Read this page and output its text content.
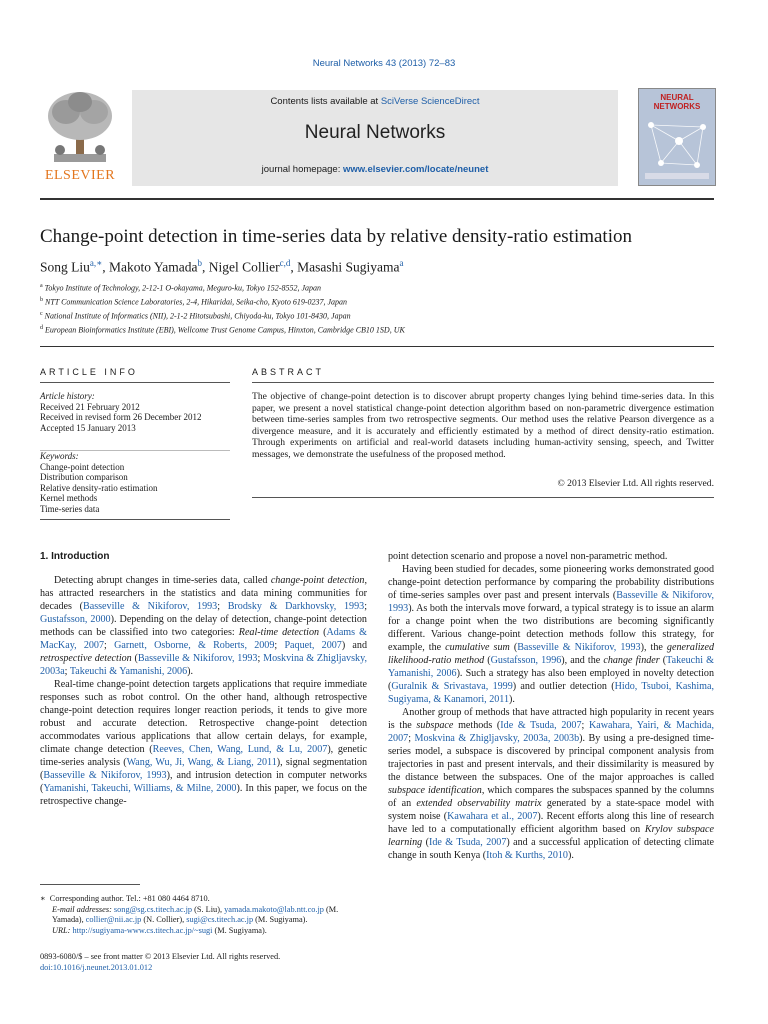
Neural Networks 43 (2013) 72–83
ELSEVIER
Contents lists available at SciVerse ScienceDirect
Neural Networks
journal homepage: www.elsevier.com/locate/neunet
NEURAL
NETWORKS
Change-point detection in time-series data by relative density-ratio estimation
Song Liu$^{a,∗}$, Makoto Yamada$^b$, Nigel Collier$^{c,d}$, Masashi Sugiyama$^a$
$^a$ Tokyo Institute of Technology, 2-12-1 O-okayama, Meguro-ku, Tokyo 152-8552, Japan
$^b$ NTT Communication Science Laboratories, 2-4, Hikaridai, Seika-cho, Kyoto 619-0237, Japan
$^c$ National Institute of Informatics (NII), 2-1-2 Hitotsubashi, Chiyoda-ku, Tokyo 101-8430, Japan
$^d$ European Bioinformatics Institute (EBI), Wellcome Trust Genome Campus, Hinxton, Cambridge CB10 1SD, UK
ARTICLE INFO
Article history:
Received 21 February 2012
Received in revised form 26 December 2012
Accepted 15 January 2013
Keywords:
Change-point detection
Distribution comparison
Relative density-ratio estimation
Kernel methods
Time-series data
ABSTRACT
The objective of change-point detection is to discover abrupt property changes lying behind time-series data. In this paper, we present a novel statistical change-point detection algorithm based on non-parametric divergence estimation between time-series samples from two retrospective segments. Our method uses the relative Pearson divergence as a divergence measure, and it is accurately and efficiently estimated by a method of direct density-ratio estimation. Through experiments on artificial and real-world datasets including human-activity sensing, speech, and Twitter messages, we demonstrate the usefulness of the proposed method.
© 2013 Elsevier Ltd. All rights reserved.
1. Introduction

Detecting abrupt changes in time-series data, called change-point detection, has attracted researchers in the statistics and data mining communities for decades (Basseville & Nikiforov, 1993; Brodsky & Darkhovsky, 1993; Gustafsson, 2000). Depending on the delay of detection, change-point detection methods can be classified into two categories: Real-time detection (Adams & MacKay, 2007; Garnett, Osborne, & Roberts, 2009; Paquet, 2007) and retrospective detection (Basseville & Nikiforov, 1993; Moskvina & Zhigljavsky, 2003a; Takeuchi & Yamanishi, 2006).

Real-time change-point detection targets applications that require immediate responses such as robot control. On the other hand, although retrospective change-point detection requires longer reaction periods, it tends to give more robust and accurate detection. Retrospective change-point detection accommodates various applications that allow certain delays, for example, climate change detection (Reeves, Chen, Wang, Lund, & Lu, 2007), genetic time-series analysis (Wang, Wu, Ji, Wang, & Liang, 2011), signal segmentation (Basseville & Nikiforov, 1993), and intrusion detection in computer networks (Yamanishi, Takeuchi, Williams, & Milne, 2000). In this paper, we focus on the retrospective change-

point detection scenario and propose a novel non-parametric method.

Having been studied for decades, some pioneering works demonstrated good change-point detection performance by comparing the probability distributions of time-series samples over past and present intervals (Basseville & Nikiforov, 1993). As both the intervals move forward, a typical strategy is to issue an alarm for a change point when the two distributions are becoming significantly different. Various change-point detection methods follow this strategy, for example, the cumulative sum (Basseville & Nikiforov, 1993), the generalized likelihood-ratio method (Gustafsson, 1996), and the change finder (Takeuchi & Yamanishi, 2006). Such a strategy has also been employed in novelty detection (Guralnik & Srivastava, 1999) and outlier detection (Hido, Tsuboi, Kashima, Sugiyama, & Kanamori, 2011).

Another group of methods that have attracted high popularity in recent years is the subspace methods (Ide & Tsuda, 2007; Kawahara, Yairi, & Machida, 2007; Moskvina & Zhigljavsky, 2003a, 2003b). By using a pre-designed time-series model, a subspace is discovered by principal component analysis from trajectories in past and present intervals, and their dissimilarity is measured by the distance between the subspaces. One of the major approaches is called subspace identification, which compares the subspaces spanned by the columns of an extended observability matrix generated by a state-space model with system noise (Kawahara et al., 2007). Recent efforts along this line of research have led to a computationally efficient algorithm based on Krylov subspace learning (Ide & Tsuda, 2007) and a successful application of detecting climate change in south Kenya (Itoh & Kurths, 2010).

∗ Corresponding author. Tel.: +81 080 4464 8710.
E-mail addresses: song@sg.cs.titech.ac.jp (S. Liu), yamada.makoto@lab.ntt.co.jp (M. Yamada), collier@nii.ac.jp (N. Collier), sugi@cs.titech.ac.jp (M. Sugiyama).
URL: http://sugiyama-www.cs.titech.ac.jp/~sugi (M. Sugiyama).
0893-6080/$ – see front matter © 2013 Elsevier Ltd. All rights reserved.
doi:10.1016/j.neunet.2013.01.012
